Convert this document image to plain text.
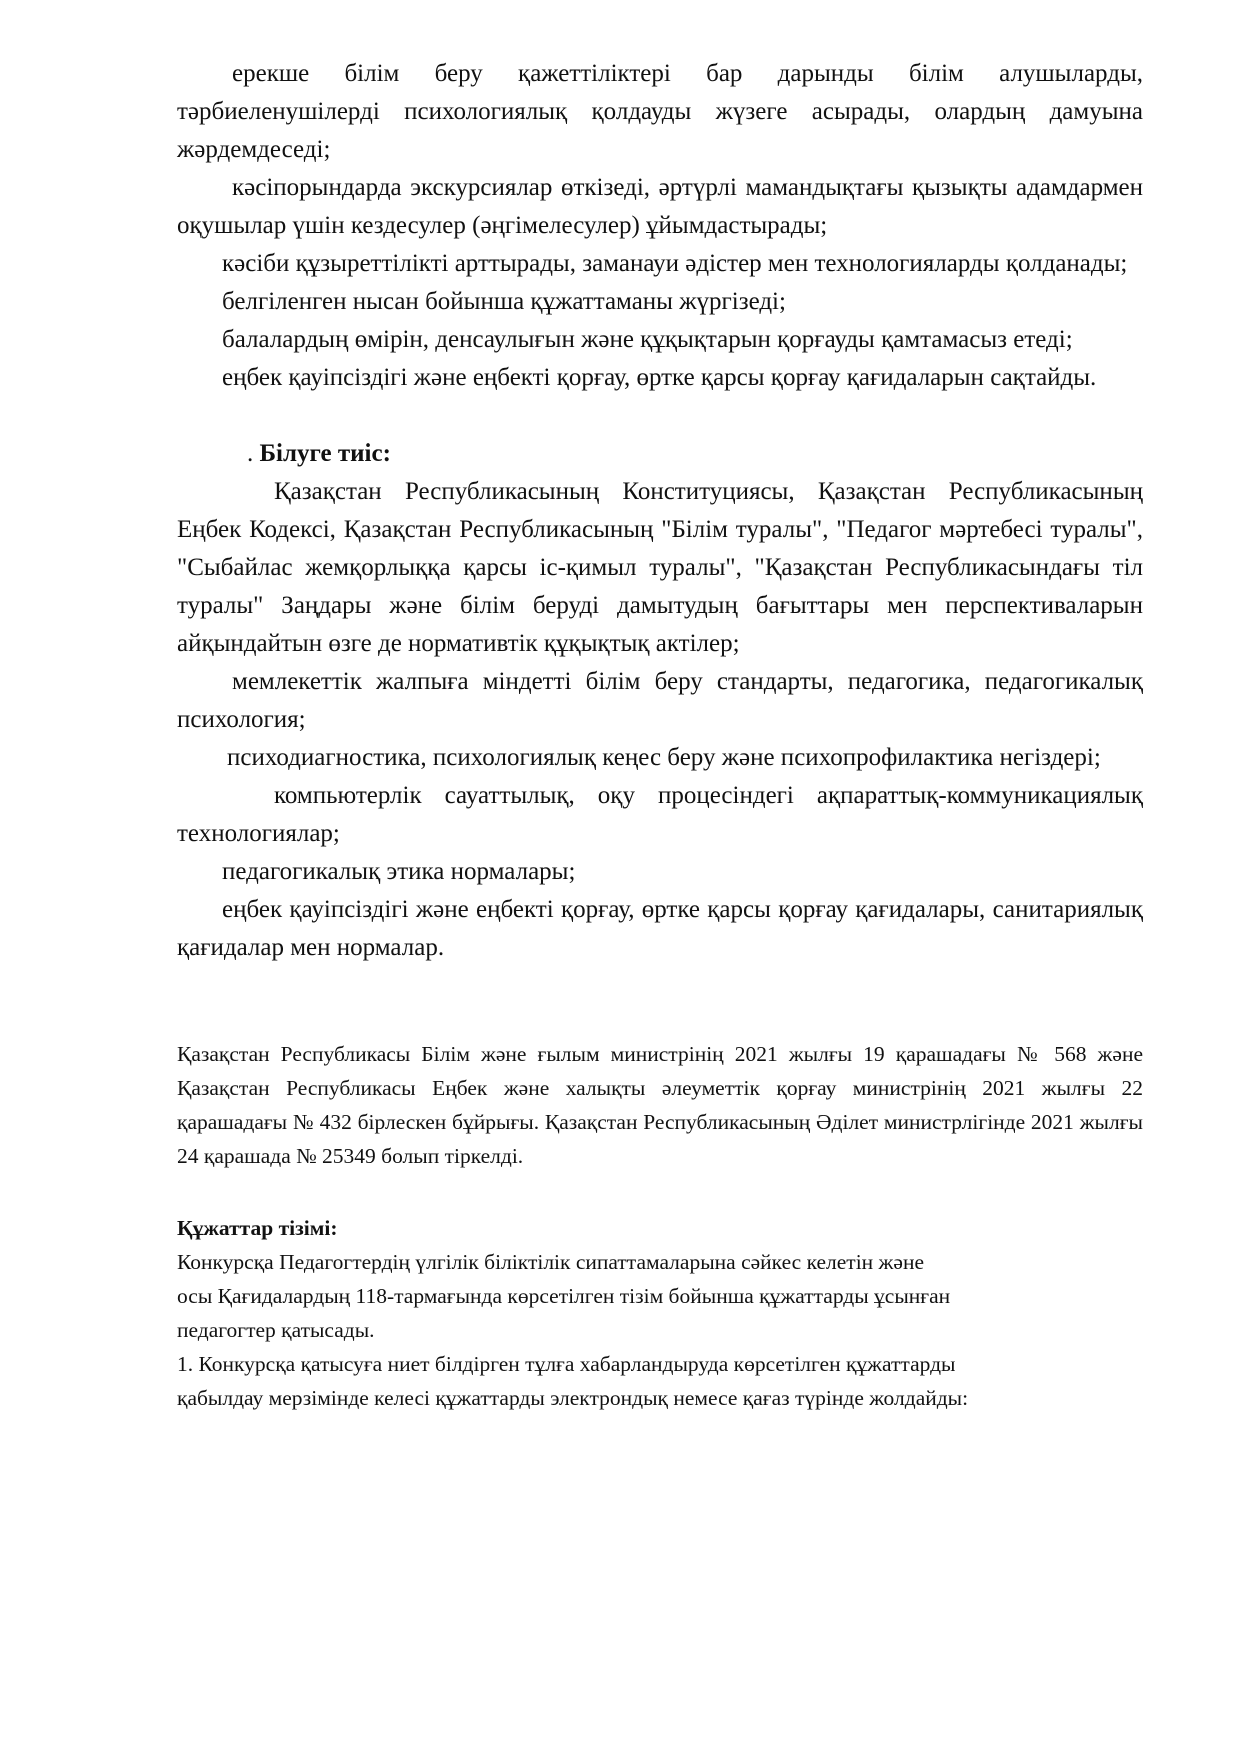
ерекше білім беру қажеттіліктері бар дарынды білім алушыларды, тәрбиеленушілерді психологиялық қолдауды жүзеге асырады, олардың дамуына жәрдемдеседі;

кәсіпорындарда экскурсиялар өткізеді, әртүрлі мамандықтағы қызықты адамдармен оқушылар үшін кездесулер (әңгімелесулер) ұйымдастырады;

кәсіби құзыреттілікті арттырады, заманауи әдістер мен технологияларды қолданады;

белгіленген нысан бойынша құжаттаманы жүргізеді;

балалардың өмірін, денсаулығын және құқықтарын қорғауды қамтамасыз етеді;

еңбек қауіпсіздігі және еңбекті қорғау, өртке қарсы қорғау қағидаларын сақтайды.

. Білуге тиіс:

Қазақстан Республикасының Конституциясы, Қазақстан Республикасының Еңбек Кодексі, Қазақстан Республикасының "Білім туралы", "Педагог мәртебесі туралы", "Сыбайлас жемқорлыққа қарсы іс-қимыл туралы", "Қазақстан Республикасындағы тіл туралы" Заңдары және білім беруді дамытудың бағыттары мен перспективаларын айқындайтын өзге де нормативтік құқықтық актілер;

мемлекеттік жалпыға міндетті білім беру стандарты, педагогика, педагогикалық психология;

психодиагностика, психологиялық кеңес беру және психопрофилактика негіздері;

компьютерлік сауаттылық, оқу процесіндегі ақпараттық-коммуникациялық технологиялар;

педагогикалық этика нормалары;

еңбек қауіпсіздігі және еңбекті қорғау, өртке қарсы қорғау қағидалары, санитариялық қағидалар мен нормалар.

Қазақстан Республикасы Білім және ғылым министрінің 2021 жылғы 19 қарашадағы № 568 және Қазақстан Республикасы Еңбек және халықты әлеуметтік қорғау министрінің 2021 жылғы 22 қарашадағы № 432 бірлескен бұйрығы. Қазақстан Республикасының Әділет министрлігінде 2021 жылғы 24 қарашада № 25349 болып тіркелді.

Құжаттар тізімі:

Конкурсқа Педагогтердің үлгілік біліктілік сипаттамаларына сәйкес келетін және

осы Қағидалардың 118-тармағында көрсетілген тізім бойынша құжаттарды ұсынған

педагогтер қатысады.

1. Конкурсқа қатысуға ниет білдірген тұлға хабарландыруда көрсетілген құжаттарды

қабылдау мерзімінде келесі құжаттарды электрондық немесе қағаз түрінде жолдайды:
